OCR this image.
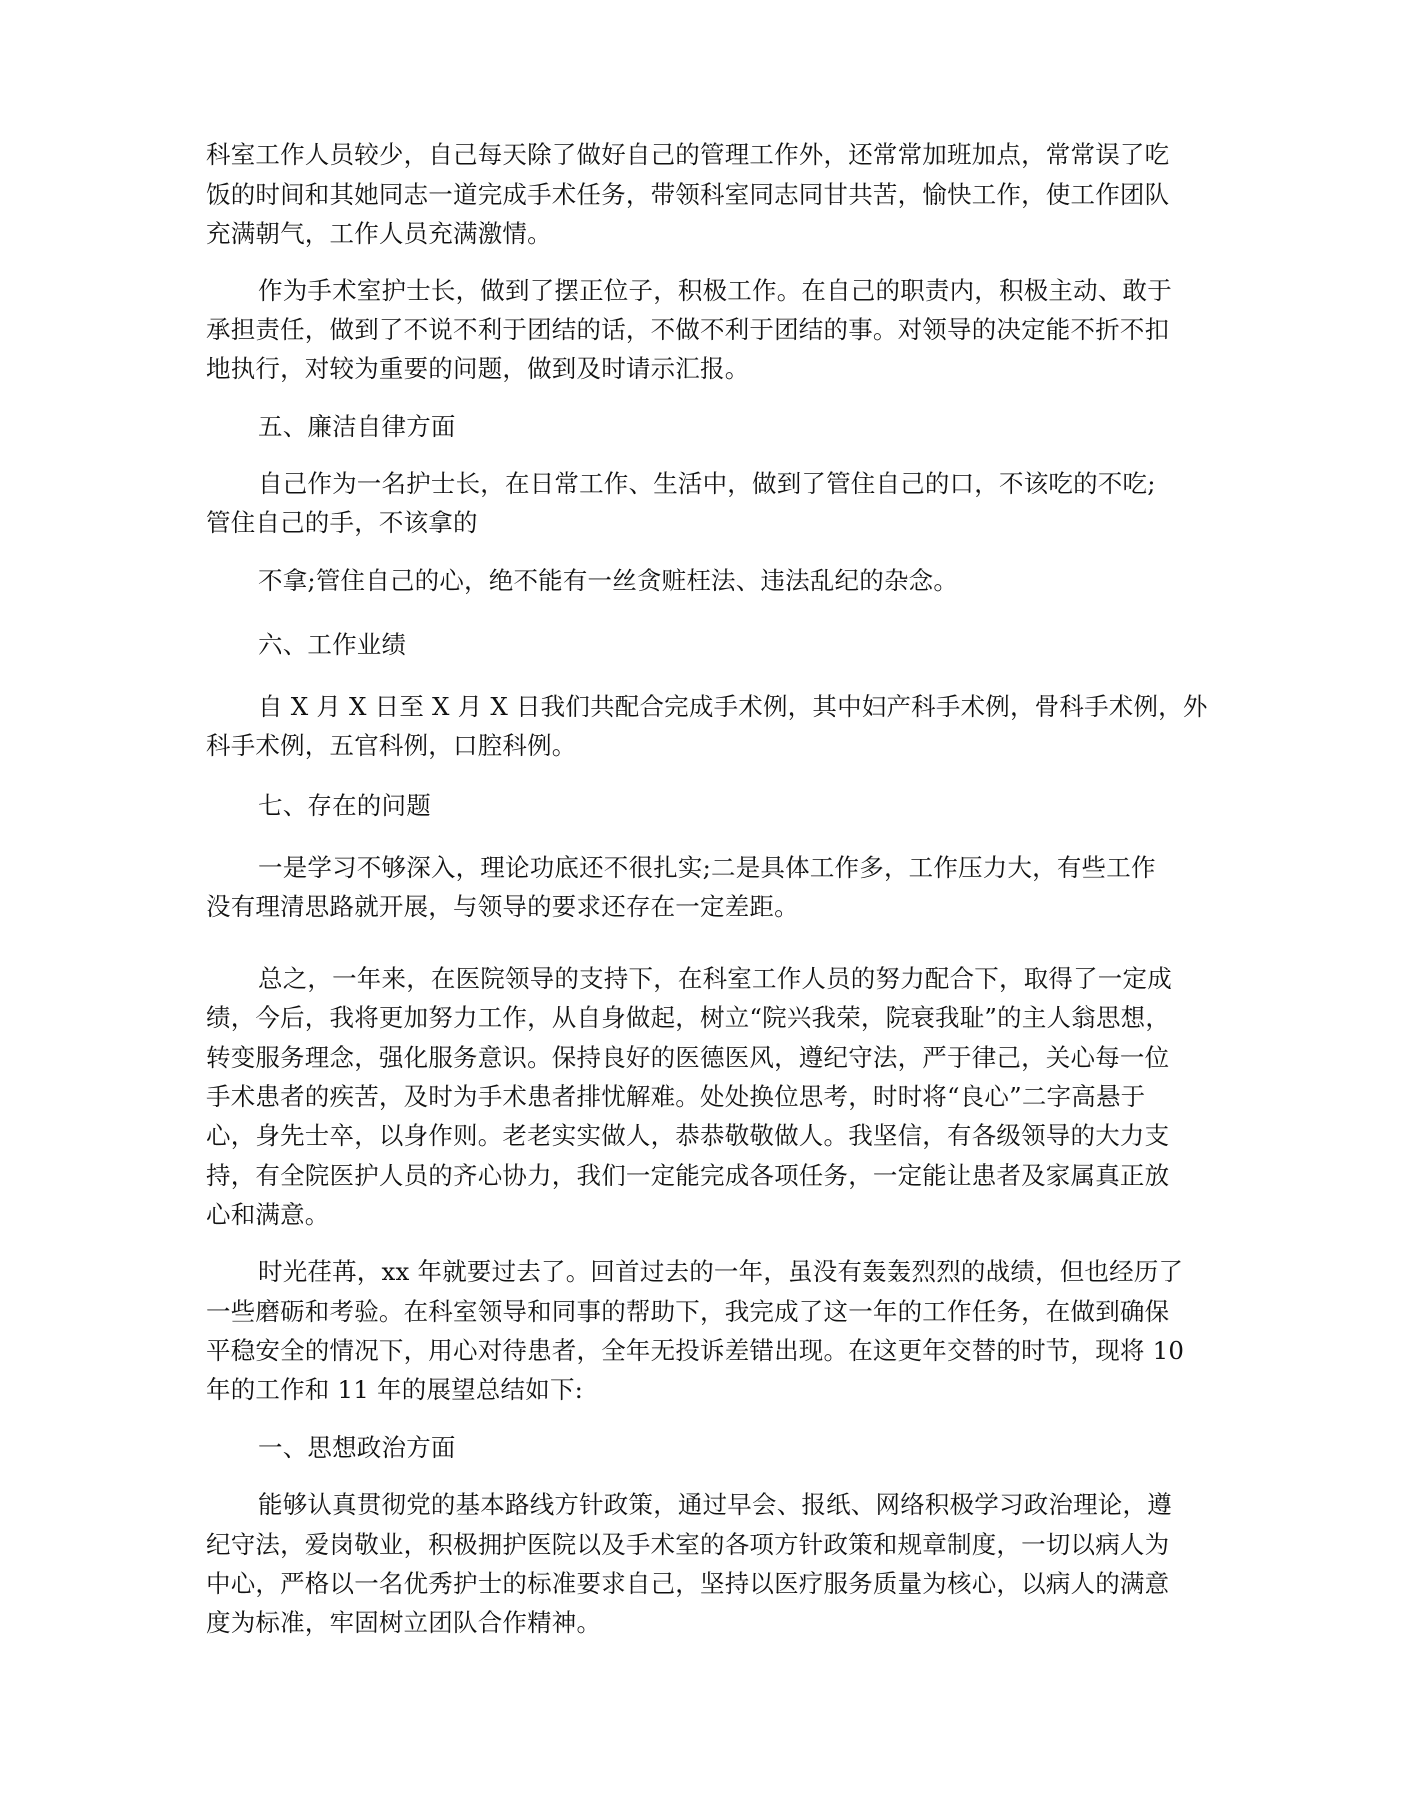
科室工作人员较少，自己每天除了做好自己的管理工作外，还常常加班加点，常常误了吃

饭的时间和其她同志一道完成手术任务，带领科室同志同甘共苦，愉快工作，使工作团队

充满朝气，工作人员充满激情。

作为手术室护士长，做到了摆正位子，积极工作。在自己的职责内，积极主动、敢于

承担责任，做到了不说不利于团结的话，不做不利于团结的事。对领导的决定能不折不扣

地执行，对较为重要的问题，做到及时请示汇报。

五、廉洁自律方面

自己作为一名护士长，在日常工作、生活中，做到了管住自己的口，不该吃的不吃;

管住自己的手，不该拿的

不拿;管住自己的心，绝不能有一丝贪赃枉法、违法乱纪的杂念。

六、工作业绩

自 X 月 X 日至 X 月 X 日我们共配合完成手术例，其中妇产科手术例，骨科手术例，外

科手术例，五官科例，口腔科例。

七、存在的问题

一是学习不够深入，理论功底还不很扎实;二是具体工作多，工作压力大，有些工作

没有理清思路就开展，与领导的要求还存在一定差距。

总之，一年来，在医院领导的支持下，在科室工作人员的努力配合下，取得了一定成

绩，今后，我将更加努力工作，从自身做起，树立“院兴我荣，院衰我耻”的主人翁思想，

转变服务理念，强化服务意识。保持良好的医德医风，遵纪守法，严于律己，关心每一位

手术患者的疾苦，及时为手术患者排忧解难。处处换位思考，时时将“良心”二字高悬于

心，身先士卒，以身作则。老老实实做人，恭恭敬敬做人。我坚信，有各级领导的大力支

持，有全院医护人员的齐心协力，我们一定能完成各项任务，一定能让患者及家属真正放

心和满意。

时光荏苒，xx 年就要过去了。回首过去的一年，虽没有轰轰烈烈的战绩，但也经历了

一些磨砺和考验。在科室领导和同事的帮助下，我完成了这一年的工作任务，在做到确保

平稳安全的情况下，用心对待患者，全年无投诉差错出现。在这更年交替的时节，现将 10

年的工作和 11 年的展望总结如下:

一、思想政治方面

能够认真贯彻党的基本路线方针政策，通过早会、报纸、网络积极学习政治理论，遵

纪守法，爱岗敬业，积极拥护医院以及手术室的各项方针政策和规章制度，一切以病人为

中心，严格以一名优秀护士的标准要求自己，坚持以医疗服务质量为核心，以病人的满意

度为标准，牢固树立团队合作精神。
